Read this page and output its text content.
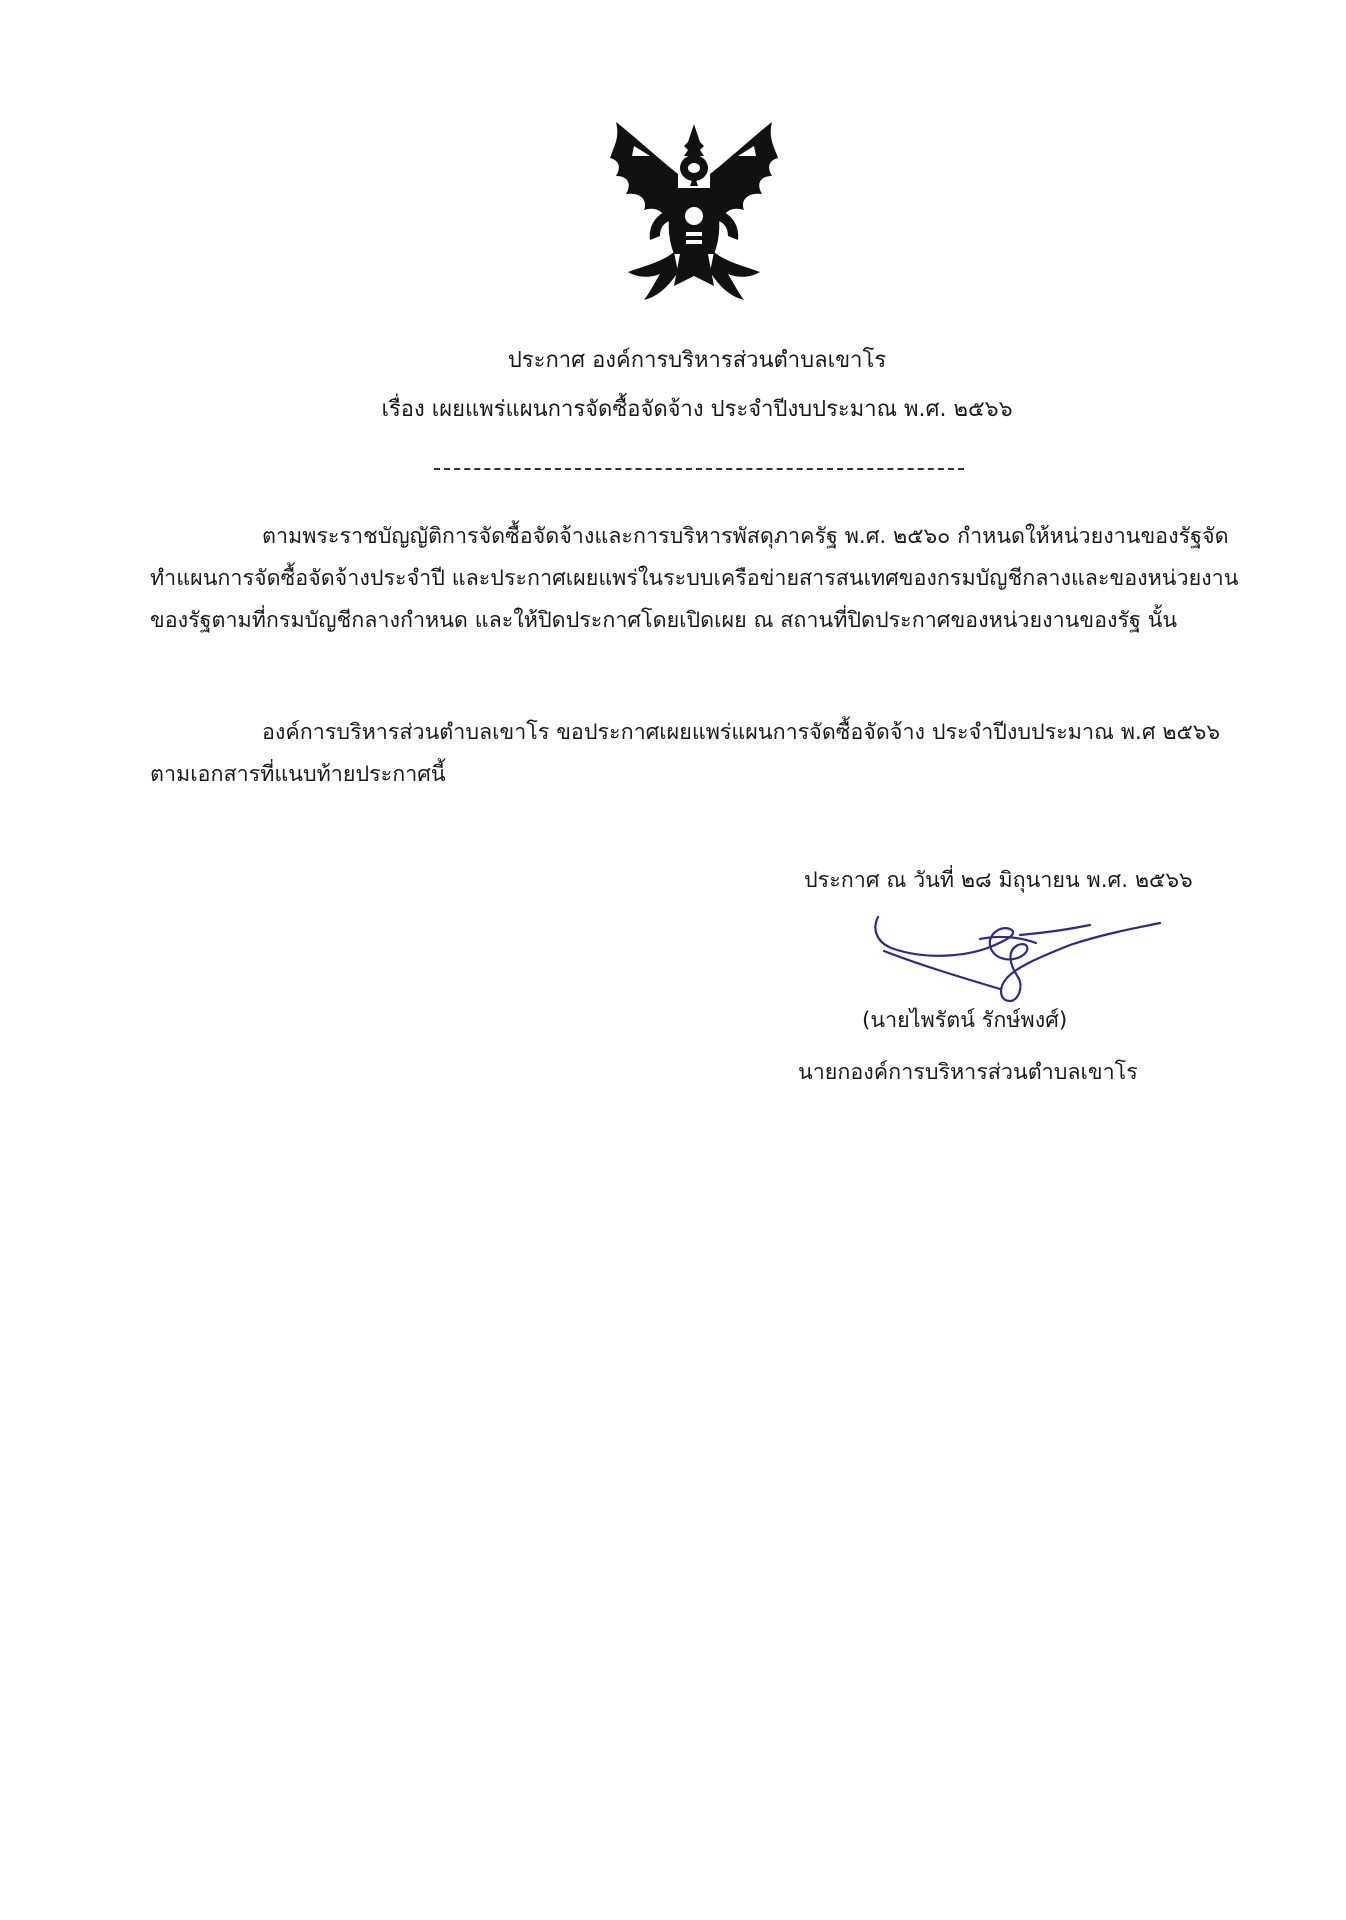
ประกาศ องค์การบริหารส่วนตำบลเขาโร
เรื่อง เผยแพร่แผนการจัดซื้อจัดจ้าง ประจำปีงบประมาณ พ.ศ. ๒๕๖๖
ตามพระราชบัญญัติการจัดซื้อจัดจ้างและการบริหารพัสดุภาครัฐ พ.ศ. ๒๕๖๐ กำหนดให้หน่วยงานของรัฐจัดทำแผนการจัดซื้อจัดจ้างประจำปี และประกาศเผยแพร่ในระบบเครือข่ายสารสนเทศของกรมบัญชีกลางและของหน่วยงานของรัฐตามที่กรมบัญชีกลางกำหนด และให้ปิดประกาศโดยเปิดเผย ณ สถานที่ปิดประกาศของหน่วยงานของรัฐ นั้น
องค์การบริหารส่วนตำบลเขาโร ขอประกาศเผยแพร่แผนการจัดซื้อจัดจ้าง ประจำปีงบประมาณ พ.ศ ๒๕๖๖ ตามเอกสารที่แนบท้ายประกาศนี้
ประกาศ ณ วันที่ ๒๘ มิถุนายน พ.ศ. ๒๕๖๖
(นายไพรัตน์ รักษ์พงศ์)
นายกองค์การบริหารส่วนตำบลเขาโร
